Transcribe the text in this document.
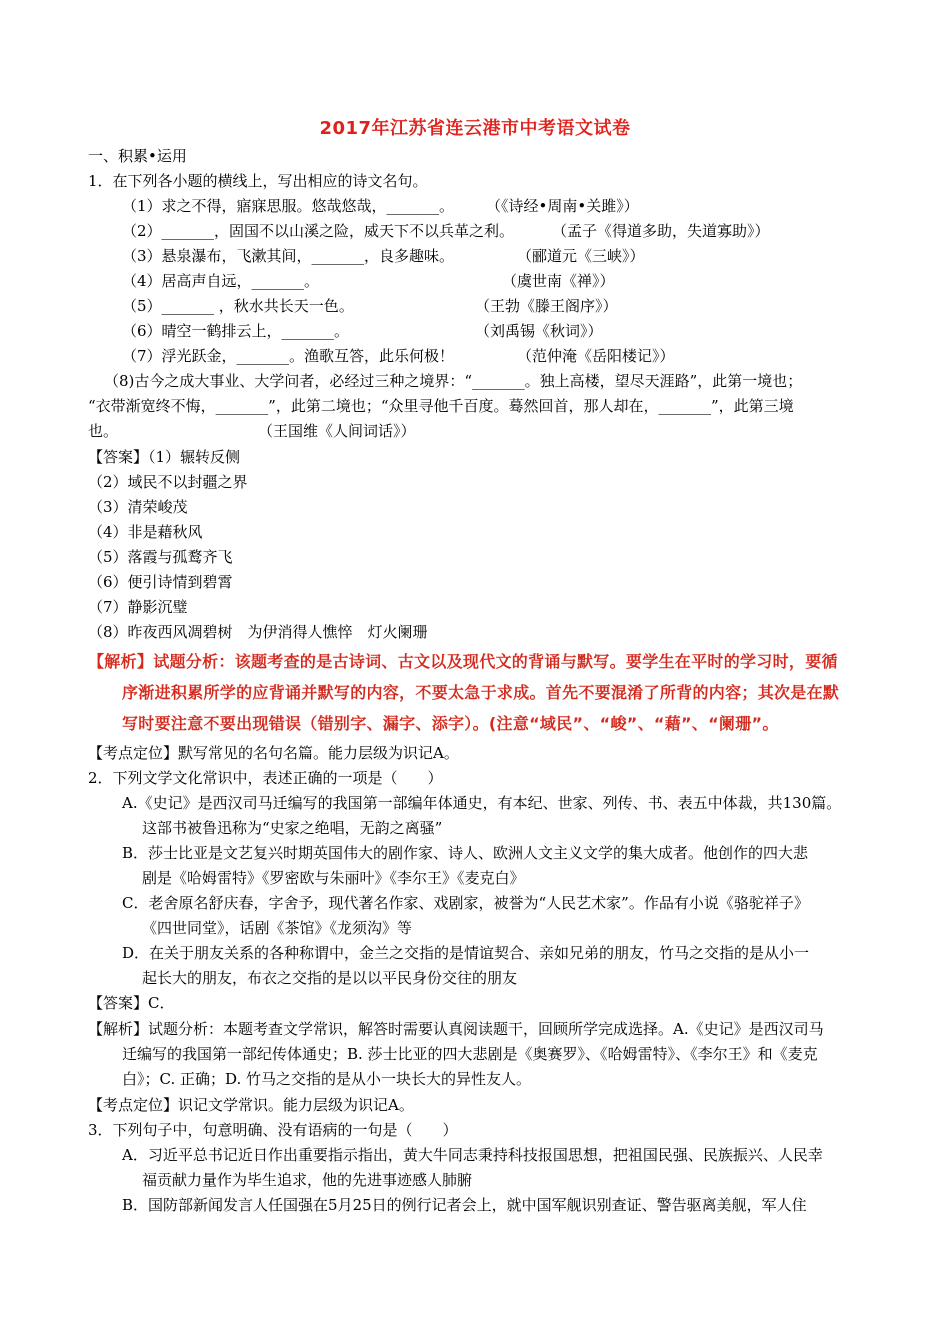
2017年江苏省连云港市中考语文试卷
一、积累•运用
1．在下列各小题的横线上，写出相应的诗文名句。
（1）求之不得，寤寐思服。悠哉悠哉，_______。 （《诗经•周南•关雎》）
（2）_______，固国不以山溪之险，威天下不以兵革之利。	（孟子《得道多助，失道寡助》）
（3）悬泉瀑布，飞漱其间，_______，良多趣味。	（郦道元《三峡》）
（4）居高声自远，_______。	（虞世南《禅》）
（5）_______ ，秋水共长天一色。	（王勃《滕王阁序》）
（6）晴空一鹤排云上，_______。	（刘禹锡《秋词》）
（7）浮光跃金，_______。渔歌互答，此乐何极！	（范仲淹《岳阳楼记》）
（8)古今之成大事业、大学问者，必经过三种之境界：“_______。独上高楼，望尽天涯路”，此第一境也；
“衣带渐宽终不悔，_______”，此第二境也；“众里寻他千百度。蓦然回首，那人却在，_______”，此第三境
也。	（王国维《人间词话》）
【答案】（1）辗转反侧
（2）域民不以封疆之界
（3）清荣峻茂
（4）非是藉秋风
（5）落霞与孤鹜齐飞
（6）便引诗情到碧霄
（7）静影沉璧
（8）昨夜西风凋碧树　为伊消得人憔悴　灯火阑珊
【解析】试题分析：该题考查的是古诗词、古文以及现代文的背诵与默写。要学生在平时的学习时，要循
序渐进积累所学的应背诵并默写的内容，不要太急于求成。首先不要混淆了所背的内容；其次是在默
写时要注意不要出现错误（错别字、漏字、添字）。(注意“域民”、“峻”、“藉”、“阑珊”。
【考点定位】默写常见的名句名篇。能力层级为识记A。
2．下列文学文化常识中，表述正确的一项是（　　）
A.《史记》是西汉司马迁编写的我国第一部编年体通史，有本纪、世家、列传、书、表五中体裁，共130篇。
这部书被鲁迅称为“史家之绝唱，无韵之离骚”
B．莎士比亚是文艺复兴时期英国伟大的剧作家、诗人、欧洲人文主义文学的集大成者。他创作的四大悲
剧是《哈姆雷特》《罗密欧与朱丽叶》《李尔王》《麦克白》
C．老舍原名舒庆春，字舍予，现代著名作家、戏剧家，被誉为“人民艺术家”。作品有小说《骆驼祥子》
《四世同堂》，话剧《茶馆》《龙须沟》等
D．在关于朋友关系的各种称谓中，金兰之交指的是情谊契合、亲如兄弟的朋友，竹马之交指的是从小一
起长大的朋友，布衣之交指的是以以平民身份交往的朋友
【答案】C．
【解析】试题分析：本题考查文学常识，解答时需要认真阅读题干，回顾所学完成选择。A.《史记》是西汉司马
迁编写的我国第一部纪传体通史；B. 莎士比亚的四大悲剧是《奥赛罗》、《哈姆雷特》、《李尔王》和《麦克
白》；C. 正确；D. 竹马之交指的是从小一块长大的异性友人。
【考点定位】识记文学常识。能力层级为识记A。
3．下列句子中，句意明确、没有语病的一句是（　　）
A．习近平总书记近日作出重要指示指出，黄大牛同志秉持科技报国思想，把祖国民强、民族振兴、人民幸
福贡献力量作为毕生追求，他的先进事迹感人肺腑
B．国防部新闻发言人任国强在5月25日的例行记者会上，就中国军舰识别查证、警告驱离美舰，军人住
